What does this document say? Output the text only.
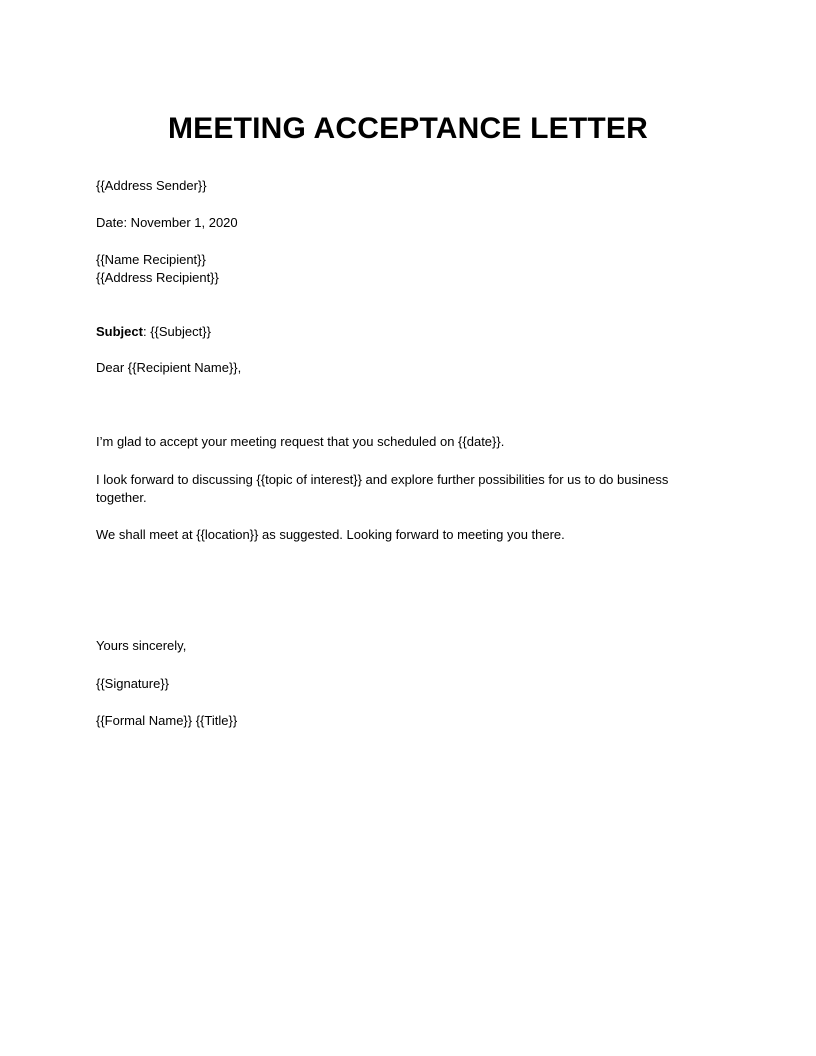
MEETING ACCEPTANCE LETTER
{{Address Sender}}
Date: November 1, 2020
{{Name Recipient}}
{{Address Recipient}}
Subject: {{Subject}}
Dear {{Recipient Name}},
I’m glad to accept your meeting request that you scheduled on {{date}}.
I look forward to discussing {{topic of interest}} and explore further possibilities for us to do business together.
We shall meet at {{location}} as suggested. Looking forward to meeting you there.
Yours sincerely,
{{Signature}}
{{Formal Name}} {{Title}}
